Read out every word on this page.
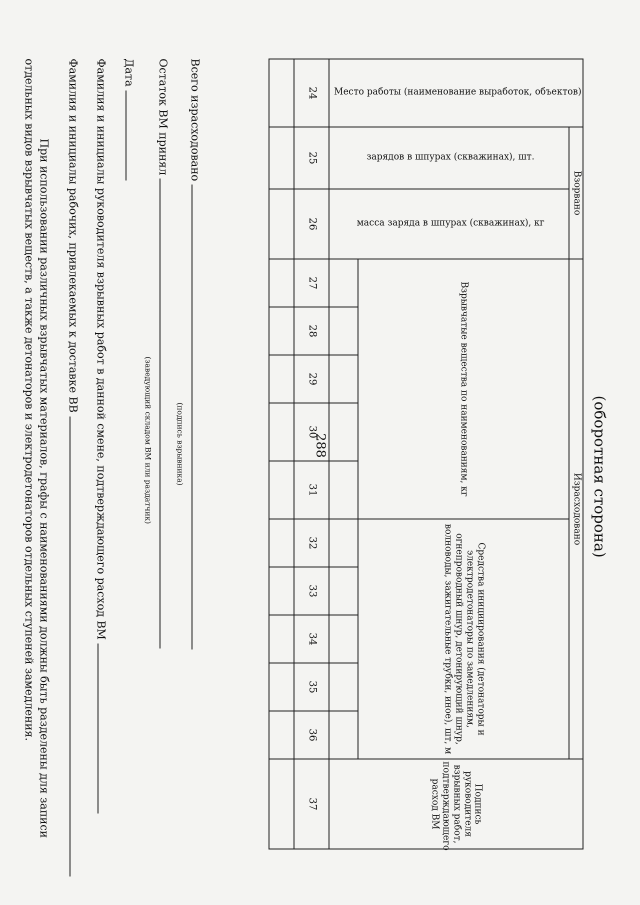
288	(оборотная сторона)
Место работы (наименование выработок, объектов)	Взорвано		Израсходовано										Подпись руководителя взрывных работ, подтверждающего расход ВМ
	зарядов в шпурах (скважинах), шт.	масса заряда в шпурах (скважинах), кг	Взрывчатые вещества по наименованиям, кг					Средства инициирования (детонаторы и электродетонаторы по замедлениям, огнепроводный шнур, детонирующий шнур, волноводы, зажигательные трубки, иное), шт, м					

24	25	26	27	28	29	30	31	32	33	34	35	36	37

Всего израсходовано
(подпись взрывника)
Остаток ВМ принял
(заведующий складом ВМ или раздатчик)
Дата
Фамилия и инициалы руководителя взрывных работ в данной смене, подтверждающего расход ВМ
Фамилия и инициалы рабочих, привлекаемых к доставке ВВ

При использовании различных взрывчатых материалов, графы с наименованиями должны быть разделены для записи отдельных видов взрывчатых веществ, а также детонаторов и электродетонаторов отдельных ступеней замедления.
